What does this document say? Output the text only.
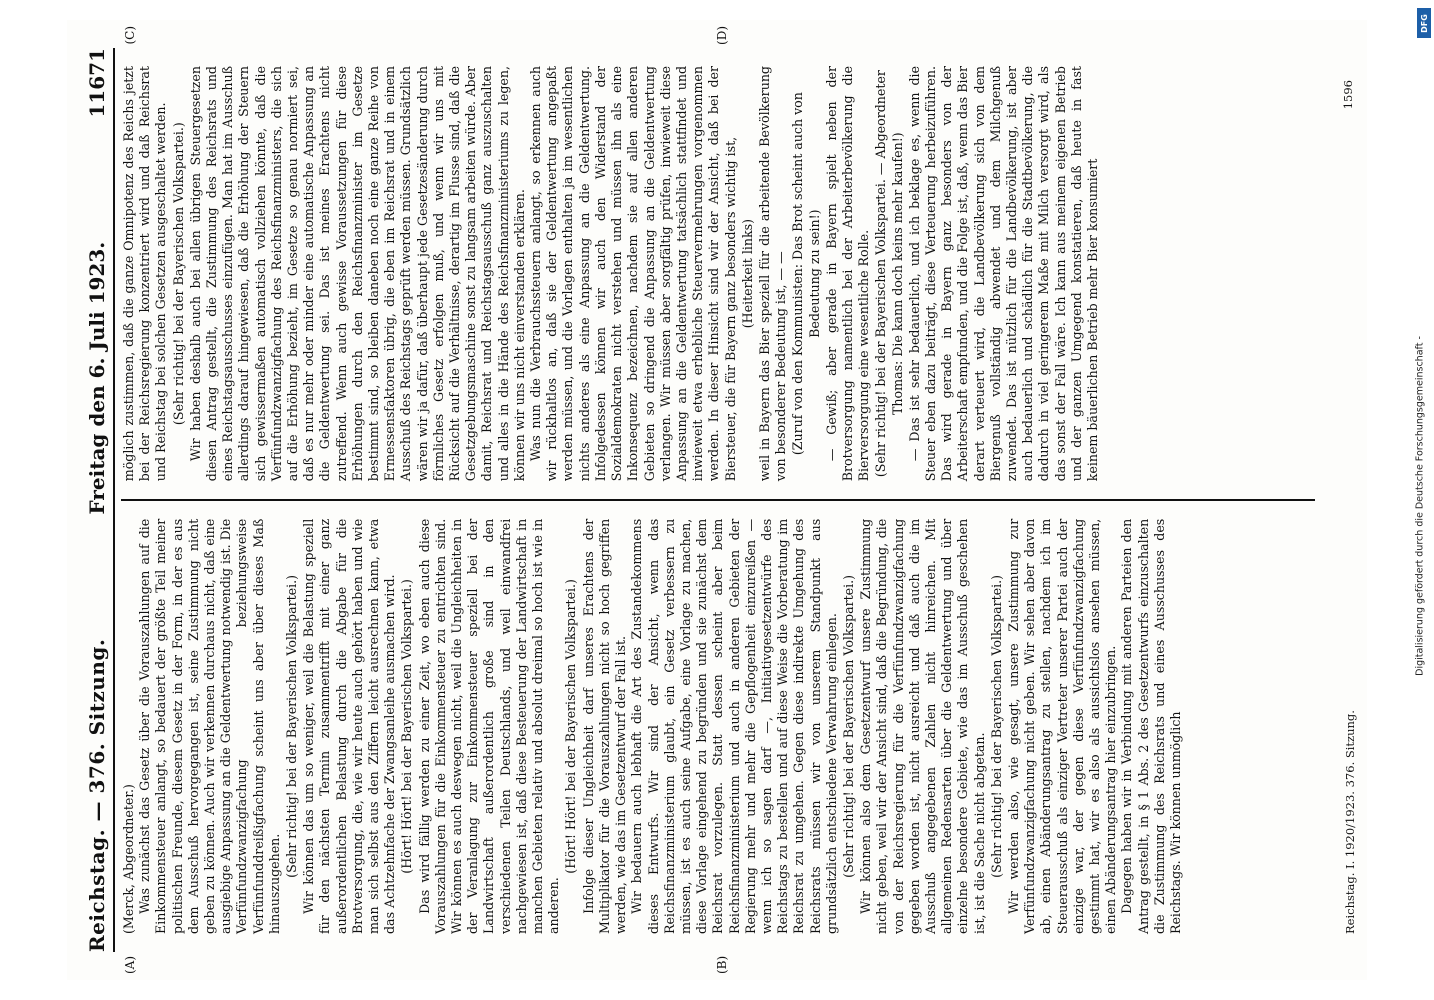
Reichstag. — 376. Sitzung.
Freitag den 6. Juli 1923.
11671
(A)	(B)
(C)	(D)

(Merck, Abgeordneter.) Was zunächst das Gesetz über die Vorauszahlungen auf die Einkommensteuer anlangt, so bedauert der größte Teil meiner politischen Freunde, diesem Gesetz in der Form, in der es aus dem Ausschuß hervorgegangen ist, seine Zustimmung nicht geben zu können. Auch wir verkennen durchaus nicht, daß eine ausgiebige Anpassung an die Geldentwertung notwendig ist. Die Verfünfundzwanzigfachung beziehungsweise Verfünfunddreißigfachung scheint uns aber über dieses Maß hinauszugehen.

(Sehr richtig! bei der Bayerischen Volkspartei.) Wir können das um so weniger, weil die Belastung speziell für den nächsten Termin zusammentrifft mit einer ganz außerordentlichen Belastung durch die Abgabe für die Brotversorgung, die, wie wir heute auch gehört haben und wie man sich selbst aus den Ziffern leicht ausrechnen kann, etwa das Achtzehnfache der Zwangsanleihe ausmachen wird. (Hört! Hört! bei der Bayerischen Volkspartei.) Das wird fällig werden zu einer Zeit, wo eben auch diese Vorauszahlungen für die Einkommensteuer zu entrichten sind. Wir können es auch deswegen nicht, weil die Ungleichheiten in der Veranlagung zur Einkommensteuer speziell bei der Landwirtschaft außerordentlich große sind in den verschiedenen Teilen Deutschlands, und weil einwandfrei nachgewiesen ist, daß diese Besteuerung der Landwirtschaft in manchen Gebieten relativ und absolut dreimal so hoch ist wie in anderen.

(Hört! Hört! bei der Bayerischen Volkspartei.) Infolge dieser Ungleichheit darf unseres Erachtens der Multiplikator für die Vorauszahlungen nicht so hoch gegriffen werden, wie das im Gesetzentwurf der Fall ist. Wir bedauern auch lebhaft die Art des Zustandekommens dieses Entwurfs. Wir sind der Ansicht, wenn das Reichsfinanzministerium glaubt, ein Gesetz verbessern zu müssen, ist es auch seine Aufgabe, eine Vorlage zu machen, diese Vorlage eingehend zu begründen und sie zunächst dem Reichsrat vorzulegen. Statt dessen scheint aber beim Reichsfinanzministerium und auch in anderen Gebieten der Regierung mehr und mehr die Gepflogenheit einzureißen — wenn ich so sagen darf —, Initiativgesetzentwürfe des Reichstags zu bestellen und auf diese Weise die Vorberatung im Reichsrat zu umgehen. Gegen diese indirekte Umgehung des Reichsrats müssen wir von unserem Standpunkt aus grundsätzlich entschiedene Verwahrung einlegen. (Sehr richtig! bei der Bayerischen Volkspartei.) Wir können also dem Gesetzentwurf unsere Zustimmung nicht geben, weil wir der Ansicht sind, daß die Begründung, die von der Reichsregierung für die Verfünfundzwanzigfachung gegeben worden ist, nicht ausreicht und daß auch die im Ausschuß angegebenen Zahlen nicht hinreichen. Mit allgemeinen Redensarten über die Geldentwertung und über einzelne besondere Gebiete, wie das im Ausschuß geschehen ist, ist die Sache nicht abgetan. (Sehr richtig! bei der Bayerischen Volkspartei.) Wir werden also, wie gesagt, unsere Zustimmung zur Verfünfundzwanzigfachung nicht geben. Wir sehen aber davon ab, einen Abänderungsantrag zu stellen, nachdem ich im Steuerausschuß als einziger Vertreter unserer Partei auch der einzige war, der gegen diese Verfünfundzwanzigfachung gestimmt hat, wir es also als aussichtslos ansehen müssen, einen Abänderungsantrag hier einzubringen. Dagegen haben wir in Verbindung mit anderen Parteien den Antrag gestellt, in § 1 Abs. 2 des Gesetzentwurfs einzuschalten die Zustimmung des Reichsrats und eines Ausschusses des Reichstags. Wir können unmöglich

möglich zustimmen, daß die ganze Omnipotenz des Reichs jetzt bei der Reichsregierung konzentriert wird und daß Reichsrat und Reichstag bei solchen Gesetzen ausgeschaltet werden. (Sehr richtig! bei der Bayerischen Volkspartei.) Wir haben deshalb auch bei allen übrigen Steuergesetzen diesen Antrag gestellt, die Zustimmung des Reichsrats und eines Reichstagsausschusses einzufügen. Man hat im Ausschuß allerdings darauf hingewiesen, daß die Erhöhung der Steuern sich gewissermaßen automatisch vollziehen könnte, daß die Verfünfundzwanzigfachung des Reichsfinanzministers, die sich auf die Erhöhung bezieht, im Gesetze so genau normiert sei, daß es nur mehr oder minder eine automatische Anpassung an die Geldentwertung sei. Das ist meines Erachtens nicht zutreffend. Wenn auch gewisse Voraussetzungen für diese Erhöhungen durch den Reichsfinanzminister im Gesetze bestimmt sind, so bleiben daneben noch eine ganze Reihe von Ermessensfaktoren übrig, die eben im Reichsrat und in einem Ausschuß des Reichstags geprüft werden müssen. Grundsätzlich wären wir ja dafür, daß überhaupt jede Gesetzesänderung durch förmliches Gesetz erfolgen muß, und wenn wir uns mit Rücksicht auf die Verhältnisse, derartig im Flusse sind, daß die Gesetzgebungsmaschine sonst zu langsam arbeiten würde. Aber damit, Reichsrat und Reichstagsausschuß ganz auszuschalten und alles in die Hände des Reichsfinanzministeriums zu legen, können wir uns nicht einverstanden erklären. Was nun die Verbrauchssteuern anlangt, so erkennen auch wir rückhaltlos an, daß sie der Geldentwertung angepaßt werden müssen, und die Vorlagen enthalten ja im wesentlichen nichts anderes als eine Anpassung an die Geldentwertung. Infolgedessen können wir auch den Widerstand der Sozialdemokraten nicht verstehen und müssen ihn als eine Inkonsequenz bezeichnen, nachdem sie auf allen anderen Gebieten so dringend die Anpassung an die Geldentwertung verlangen. Wir müssen aber sorgfältig prüfen, inwieweit diese Anpassung an die Geldentwertung tatsächlich stattfindet und inwieweit etwa erhebliche Steuervermehrungen vorgenommen werden. In dieser Hinsicht sind wir der Ansicht, daß bei der Biersteuer, die für Bayern ganz besonders wichtig ist, (Heiterkeit links) weil in Bayern das Bier speziell für die arbeitende Bevölkerung von besonderer Bedeutung ist, — — (Zuruf von den Kommunisten: Das Brot scheint auch von Bedeutung zu sein!) — Gewiß; aber gerade in Bayern spielt neben der Brotversorgung namentlich bei der Arbeiterbevölkerung die Bierversorgung eine wesentliche Rolle. (Sehr richtig! bei der Bayerischen Volkspartei. — Abgeordneter Thomas: Die kann doch keins mehr kaufen!) — Das ist sehr bedauerlich, und ich beklage es, wenn die Steuer eben dazu beiträgt, diese Verteuerung herbeizuführen. Das wird gerade in Bayern ganz besonders von der Arbeiterschaft empfunden, und die Folge ist, daß, wenn das Bier derart verteuert wird, die Landbevölkerung sich von dem Biergenuß vollständig abwendet und dem Milchgenuß zuwendet. Das ist nützlich für die Landbevölkerung, ist aber auch bedauerlich und schädlich für die Stadtbevölkerung, die dadurch in viel geringerem Maße mit Milch versorgt wird, als das sonst der Fall wäre. Ich kann aus meinem eigenen Betrieb und der ganzen Umgegend konstatieren, daß heute in fast keinem bäuerlichen Betrieb mehr Bier konsumiert

Reichstag. I. 1920/1923. 376. Sitzung.
1596
Digitalisierung gefördert durch die Deutsche Forschungsgemeinschaft -
DFG
